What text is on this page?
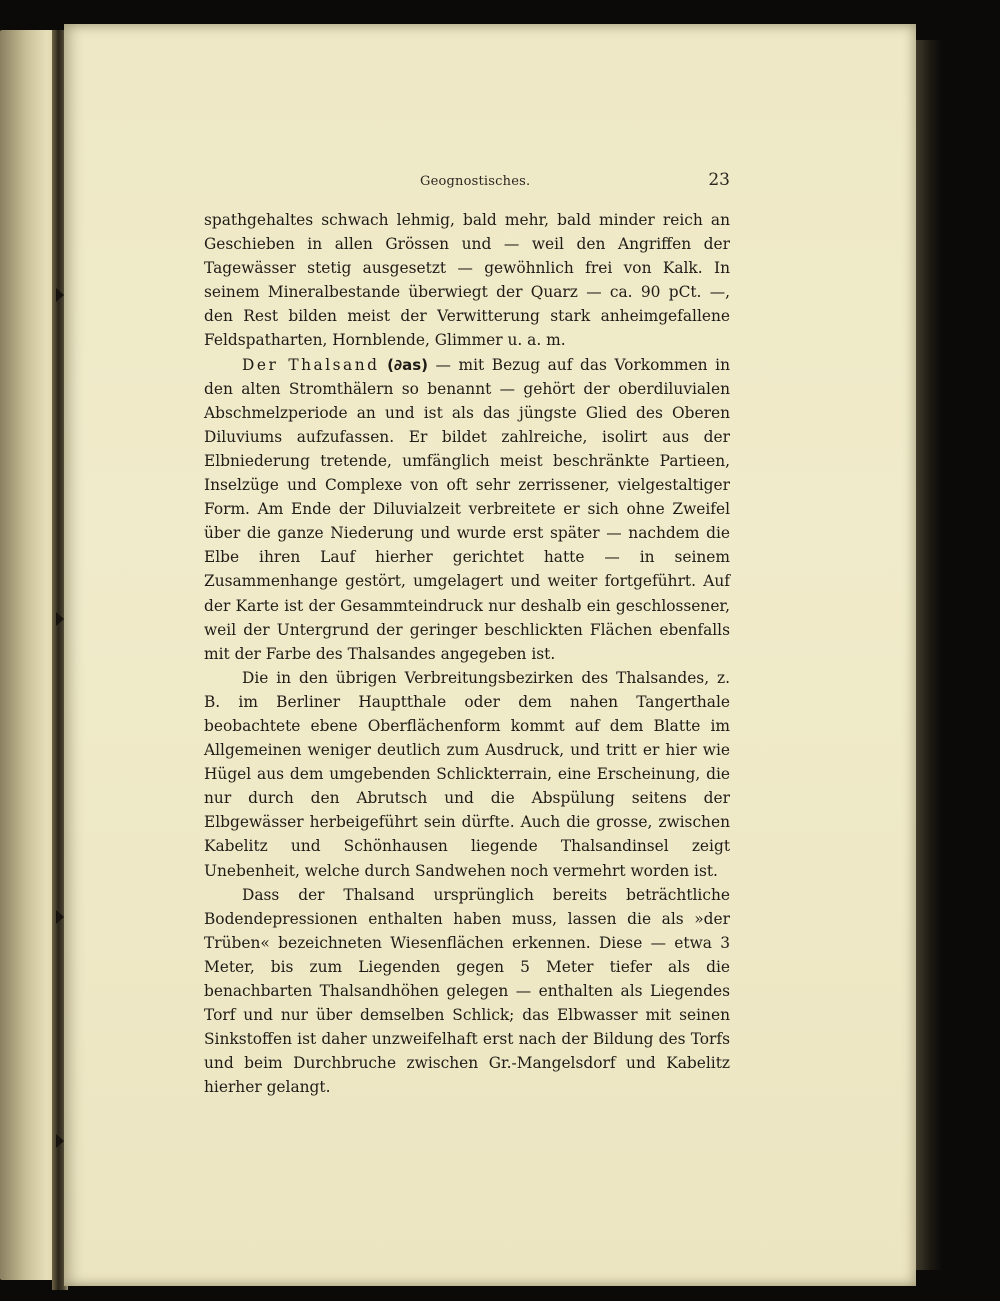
Geognostisches.	23

spathgehaltes schwach lehmig, bald mehr, bald minder reich an Geschieben in allen Grössen und — weil den Angriffen der Tagewässer stetig ausgesetzt — gewöhnlich frei von Kalk. In seinem Mineralbestande überwiegt der Quarz — ca. 90 pCt. —, den Rest bilden meist der Verwitterung stark anheimgefallene Feldspatharten, Hornblende, Glimmer u. a. m.

Der Thalsand (∂as) — mit Bezug auf das Vorkommen in den alten Stromthälern so benannt — gehört der oberdiluvialen Abschmelzperiode an und ist als das jüngste Glied des Oberen Diluviums aufzufassen. Er bildet zahlreiche, isolirt aus der Elbniederung tretende, umfänglich meist beschränkte Partieen, Inselzüge und Complexe von oft sehr zerrissener, vielgestaltiger Form. Am Ende der Diluvialzeit verbreitete er sich ohne Zweifel über die ganze Niederung und wurde erst später — nachdem die Elbe ihren Lauf hierher gerichtet hatte — in seinem Zusammenhange gestört, umgelagert und weiter fortgeführt. Auf der Karte ist der Gesammteindruck nur deshalb ein geschlossener, weil der Untergrund der geringer beschlickten Flächen ebenfalls mit der Farbe des Thalsandes angegeben ist.

Die in den übrigen Verbreitungsbezirken des Thalsandes, z. B. im Berliner Hauptthale oder dem nahen Tangerthale beobachtete ebene Oberflächenform kommt auf dem Blatte im Allgemeinen weniger deutlich zum Ausdruck, und tritt er hier wie Hügel aus dem umgebenden Schlickterrain, eine Erscheinung, die nur durch den Abrutsch und die Abspülung seitens der Elbgewässer herbeigeführt sein dürfte. Auch die grosse, zwischen Kabelitz und Schönhausen liegende Thalsandinsel zeigt Unebenheit, welche durch Sandwehen noch vermehrt worden ist.

Dass der Thalsand ursprünglich bereits beträchtliche Bodendepressionen enthalten haben muss, lassen die als »der Trüben« bezeichneten Wiesenflächen erkennen. Diese — etwa 3 Meter, bis zum Liegenden gegen 5 Meter tiefer als die benachbarten Thalsandhöhen gelegen — enthalten als Liegendes Torf und nur über demselben Schlick; das Elbwasser mit seinen Sinkstoffen ist daher unzweifelhaft erst nach der Bildung des Torfs und beim Durchbruche zwischen Gr.-Mangelsdorf und Kabelitz hierher gelangt.
